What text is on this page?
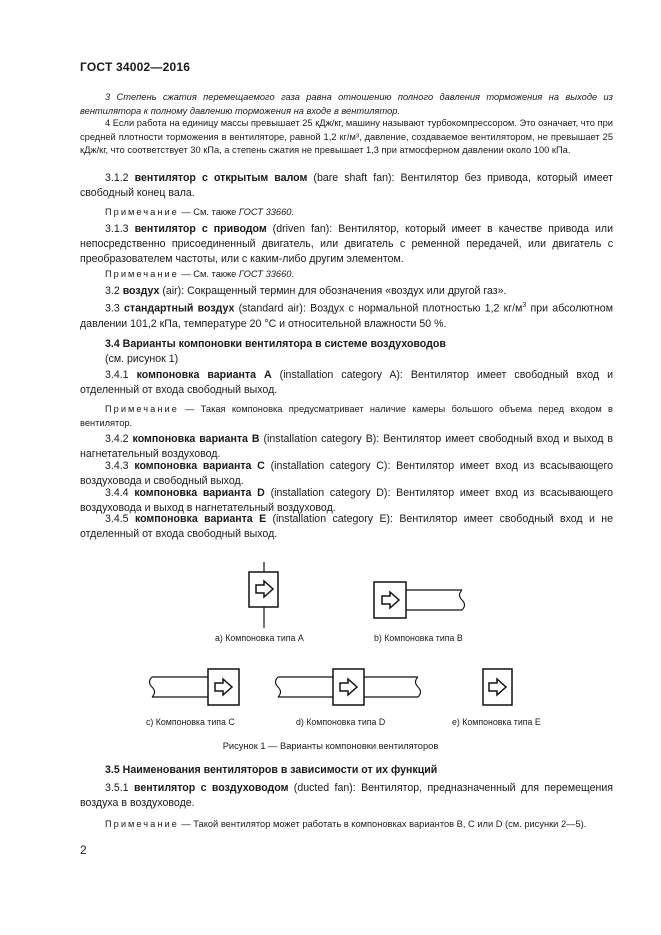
ГОСТ 34002—2016

3 Степень сжатия перемещаемого газа равна отношению полного давления торможения на выходе из вентилятора к полному давлению торможения на входе в вентилятор.

4 Если работа на единицу массы превышает 25 кДж/кг, машину называют турбокомпрессором. Это означает, что при средней плотности торможения в вентиляторе, равной 1,2 кг/м³, давление, создаваемое вентилятором, не превышает 25 кДж/кг, что соответствует 30 кПа, а степень сжатия не превышает 1,3 при атмосферном давлении около 100 кПа.

3.1.2 вентилятор с открытым валом (bare shaft fan): Вентилятор без привода, который имеет свободный конец вала.

Примечание — См. также ГОСТ 33660.

3.1.3 вентилятор с приводом (driven fan): Вентилятор, который имеет в качестве привода или непосредственно присоединенный двигатель, или двигатель с ременной передачей, или двигатель с преобразователем частоты, или с каким-либо другим элементом.

Примечание — См. также ГОСТ 33660.

3.2 воздух (air): Сокращенный термин для обозначения «воздух или другой газ».

3.3 стандартный воздух (standard air): Воздух с нормальной плотностью 1,2 $кг/м^3$ при абсолютном давлении 101,2 кПа, температуре 20 °C и относительной влажности 50 %.

3.4 Варианты компоновки вентилятора в системе воздуховодов

(см. рисунок 1)

3.4.1 компоновка варианта A (installation category A): Вентилятор имеет свободный вход и отделенный от входа свободный выход.

Примечание — Такая компоновка предусматривает наличие камеры большого объема перед входом в вентилятор.

3.4.2 компоновка варианта B (installation category B): Вентилятор имеет свободный вход и выход в нагнетательный воздуховод.

3.4.3 компоновка варианта C (installation category C): Вентилятор имеет вход из всасывающего воздуховода и свободный выход.

3.4.4 компоновка варианта D (installation category D): Вентилятор имеет вход из всасывающего воздуховода и выход в нагнетательный воздуховод.

3.4.5 компоновка варианта E (installation category E): Вентилятор имеет свободный вход и не отделенный от входа свободный выход.

а) Компоновка типа A	b) Компоновка типа B
с) Компоновка типа C	d) Компоновка типа D	е) Компоновка типа E
Рисунок 1 — Варианты компоновки вентиляторов

3.5 Наименования вентиляторов в зависимости от их функций

3.5.1 вентилятор с воздуховодом (ducted fan): Вентилятор, предназначенный для перемещения воздуха в воздуховоде.

Примечание — Такой вентилятор может работать в компоновках вариантов B, C или D (см. рисунки 2—5).

2
